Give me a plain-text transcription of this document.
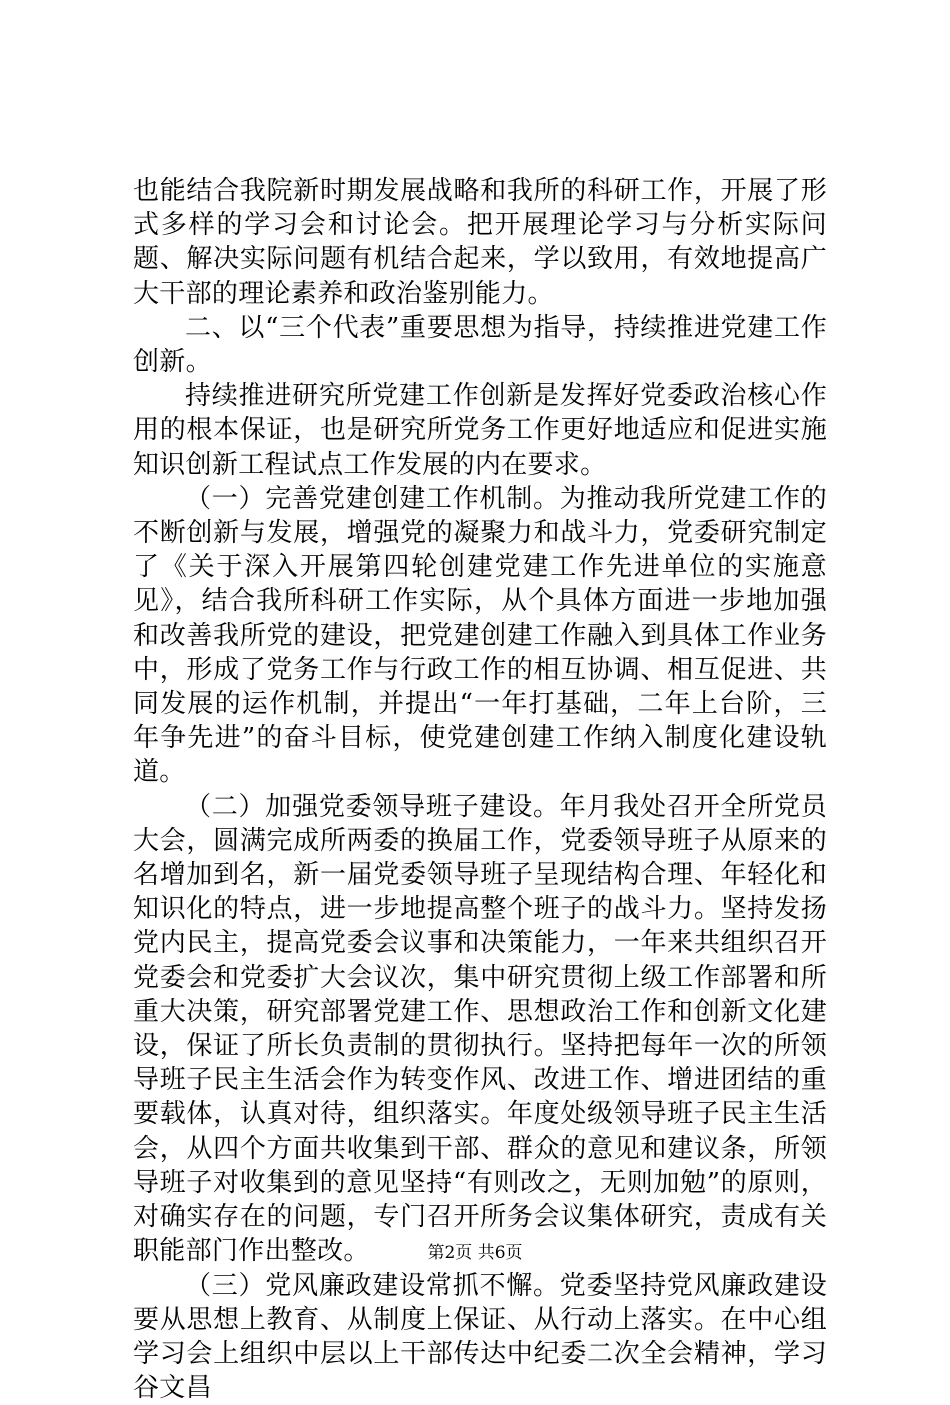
也能结合我院新时期发展战略和我所的科研工作，开展了形式多样的学习会和讨论会。把开展理论学习与分析实际问题、解决实际问题有机结合起来，学以致用，有效地提高广大干部的理论素养和政治鉴别能力。

二、以“三个代表”重要思想为指导，持续推进党建工作创新。

持续推进研究所党建工作创新是发挥好党委政治核心作用的根本保证，也是研究所党务工作更好地适应和促进实施知识创新工程试点工作发展的内在要求。

（一）完善党建创建工作机制。为推动我所党建工作的不断创新与发展，增强党的凝聚力和战斗力，党委研究制定了《关于深入开展第四轮创建党建工作先进单位的实施意见》，结合我所科研工作实际，从个具体方面进一步地加强和改善我所党的建设，把党建创建工作融入到具体工作业务中，形成了党务工作与行政工作的相互协调、相互促进、共同发展的运作机制，并提出“一年打基础，二年上台阶，三年争先进”的奋斗目标，使党建创建工作纳入制度化建设轨道。

（二）加强党委领导班子建设。年月我处召开全所党员大会，圆满完成所两委的换届工作，党委领导班子从原来的名增加到名，新一届党委领导班子呈现结构合理、年轻化和知识化的特点，进一步地提高整个班子的战斗力。坚持发扬党内民主，提高党委会议事和决策能力，一年来共组织召开党委会和党委扩大会议次，集中研究贯彻上级工作部署和所重大决策，研究部署党建工作、思想政治工作和创新文化建设，保证了所长负责制的贯彻执行。坚持把每年一次的所领导班子民主生活会作为转变作风、改进工作、增进团结的重要载体，认真对待，组织落实。年度处级领导班子民主生活会，从四个方面共收集到干部、群众的意见和建议条，所领导班子对收集到的意见坚持“有则改之，无则加勉”的原则，对确实存在的问题，专门召开所务会议集体研究，责成有关职能部门作出整改。

（三）党风廉政建设常抓不懈。党委坚持党风廉政建设要从思想上教育、从制度上保证、从行动上落实。在中心组学习会上组织中层以上干部传达中纪委二次全会精神，学习谷文昌

第2页 共6页
